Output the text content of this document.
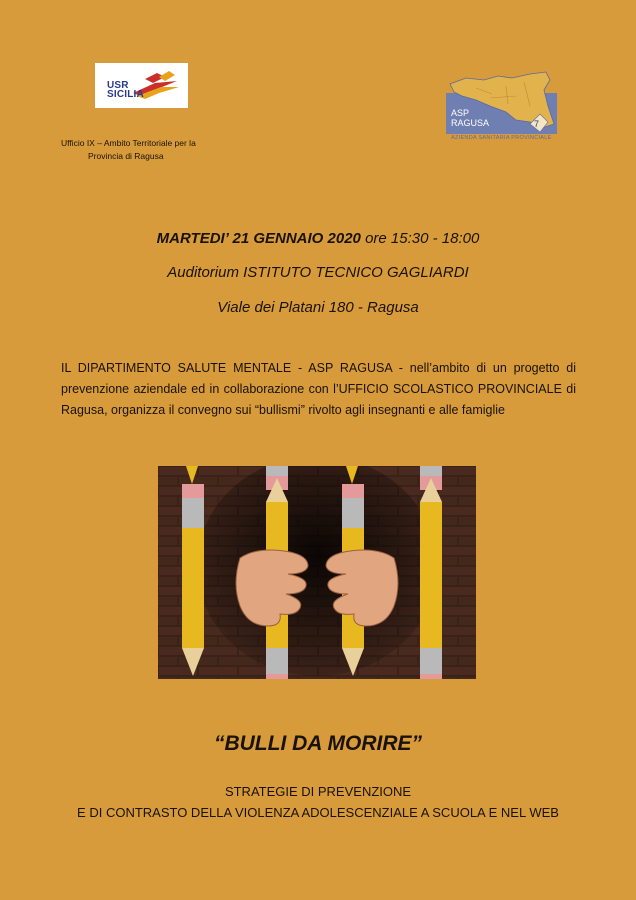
USR
SICILIA
Ufficio IX – Ambito Territoriale per la
Provincia di Ragusa
7
ASP
RAGUSA
AZIENDA SANITARIA PROVINCIALE
MARTEDI’ 21 GENNAIO 2020 ore 15:30 - 18:00
Auditorium ISTITUTO TECNICO GAGLIARDI
Viale dei Platani 180 - Ragusa
IL DIPARTIMENTO SALUTE MENTALE - ASP RAGUSA - nell’ambito di un progetto di prevenzione aziendale ed in collaborazione con l’UFFICIO SCOLASTICO PROVINCIALE di Ragusa, organizza il convegno sui “bullismi” rivolto agli insegnanti e alle famiglie
“BULLI DA MORIRE”
STRATEGIE DI PREVENZIONE
E DI CONTRASTO DELLA VIOLENZA ADOLESCENZIALE A SCUOLA E NEL WEB
